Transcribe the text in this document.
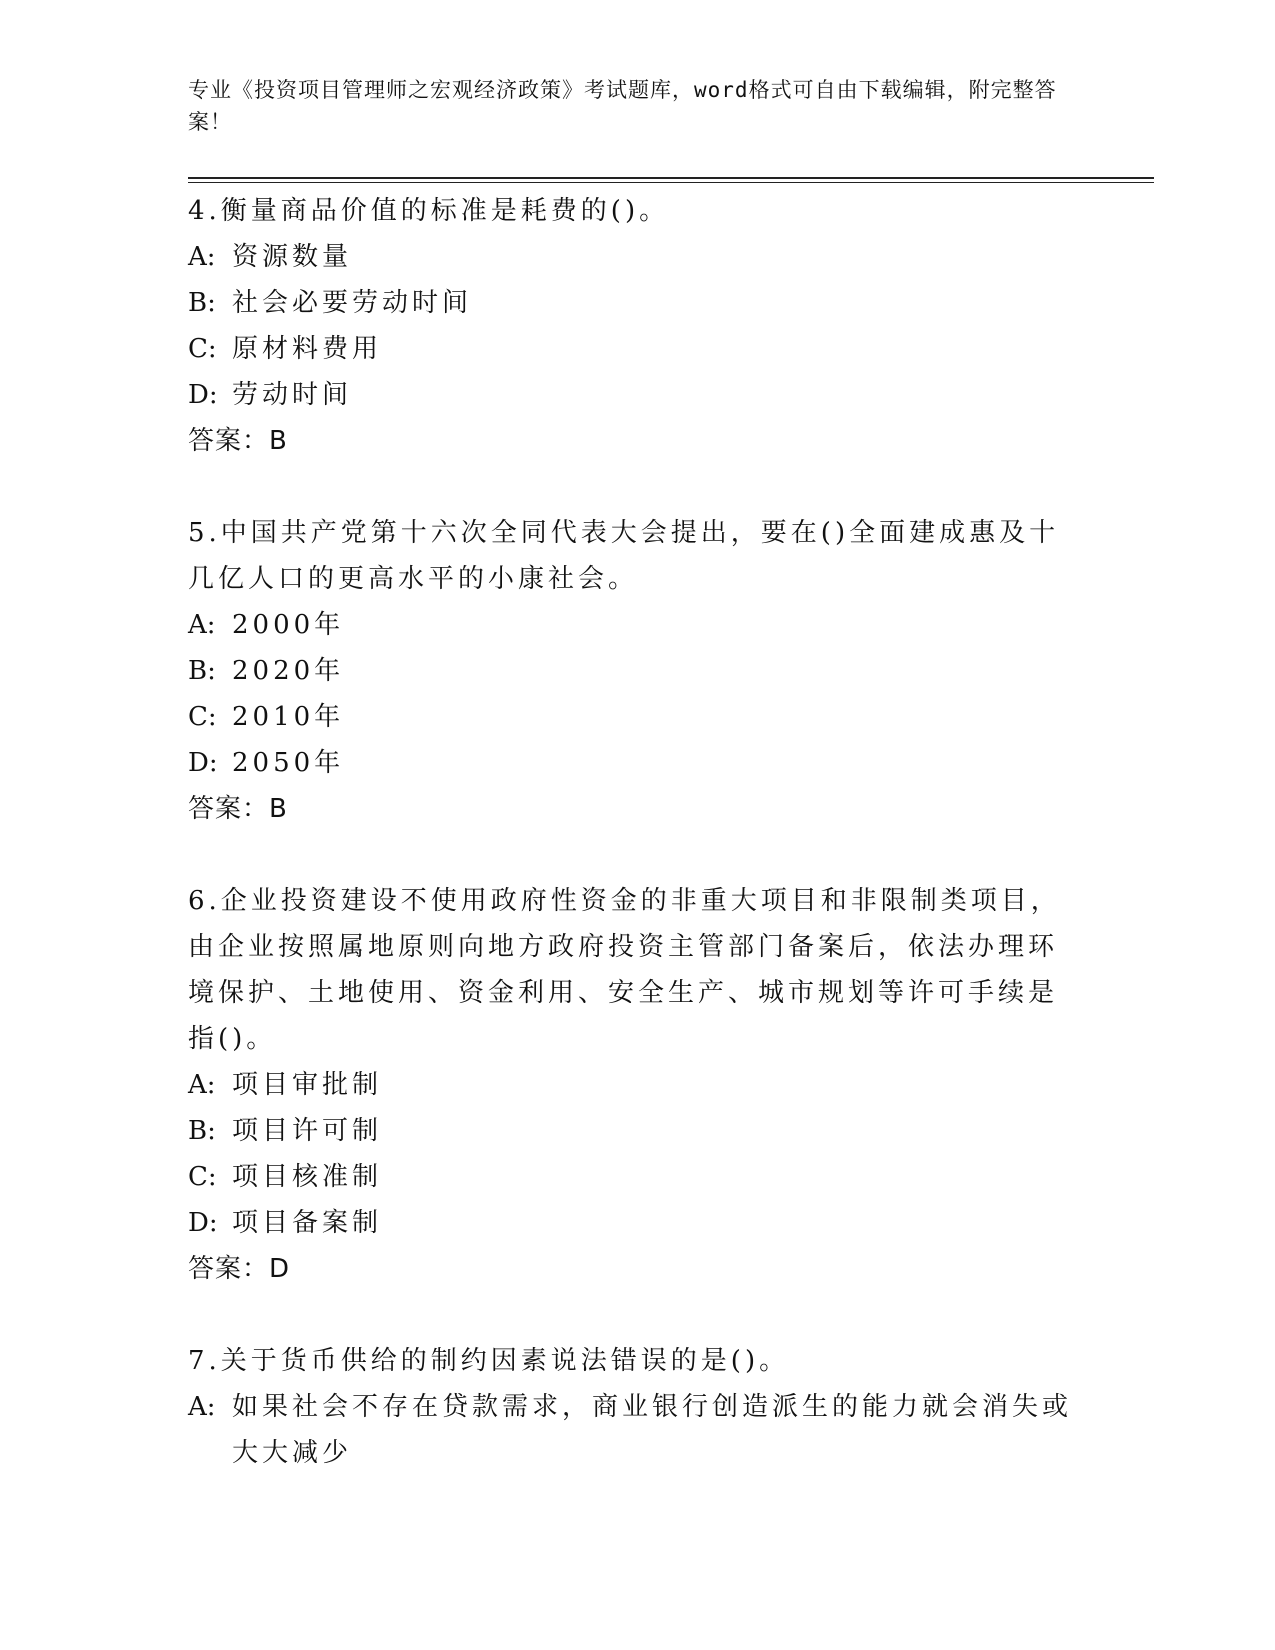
专业《投资项目管理师之宏观经济政策》考试题库，word格式可自由下载编辑，附完整答案！
4.衡量商品价值的标准是耗费的()。
A: 资源数量
B: 社会必要劳动时间
C: 原材料费用
D: 劳动时间
答案：B
5.中国共产党第十六次全同代表大会提出，要在()全面建成惠及十几亿人口的更高水平的小康社会。
A: 2000年
B: 2020年
C: 2010年
D: 2050年
答案：B
6.企业投资建设不使用政府性资金的非重大项目和非限制类项目，由企业按照属地原则向地方政府投资主管部门备案后，依法办理环境保护、土地使用、资金利用、安全生产、城市规划等许可手续是指()。
A: 项目审批制
B: 项目许可制
C: 项目核准制
D: 项目备案制
答案：D
7.关于货币供给的制约因素说法错误的是()。
A: 如果社会不存在贷款需求，商业银行创造派生的能力就会消失或大大减少
